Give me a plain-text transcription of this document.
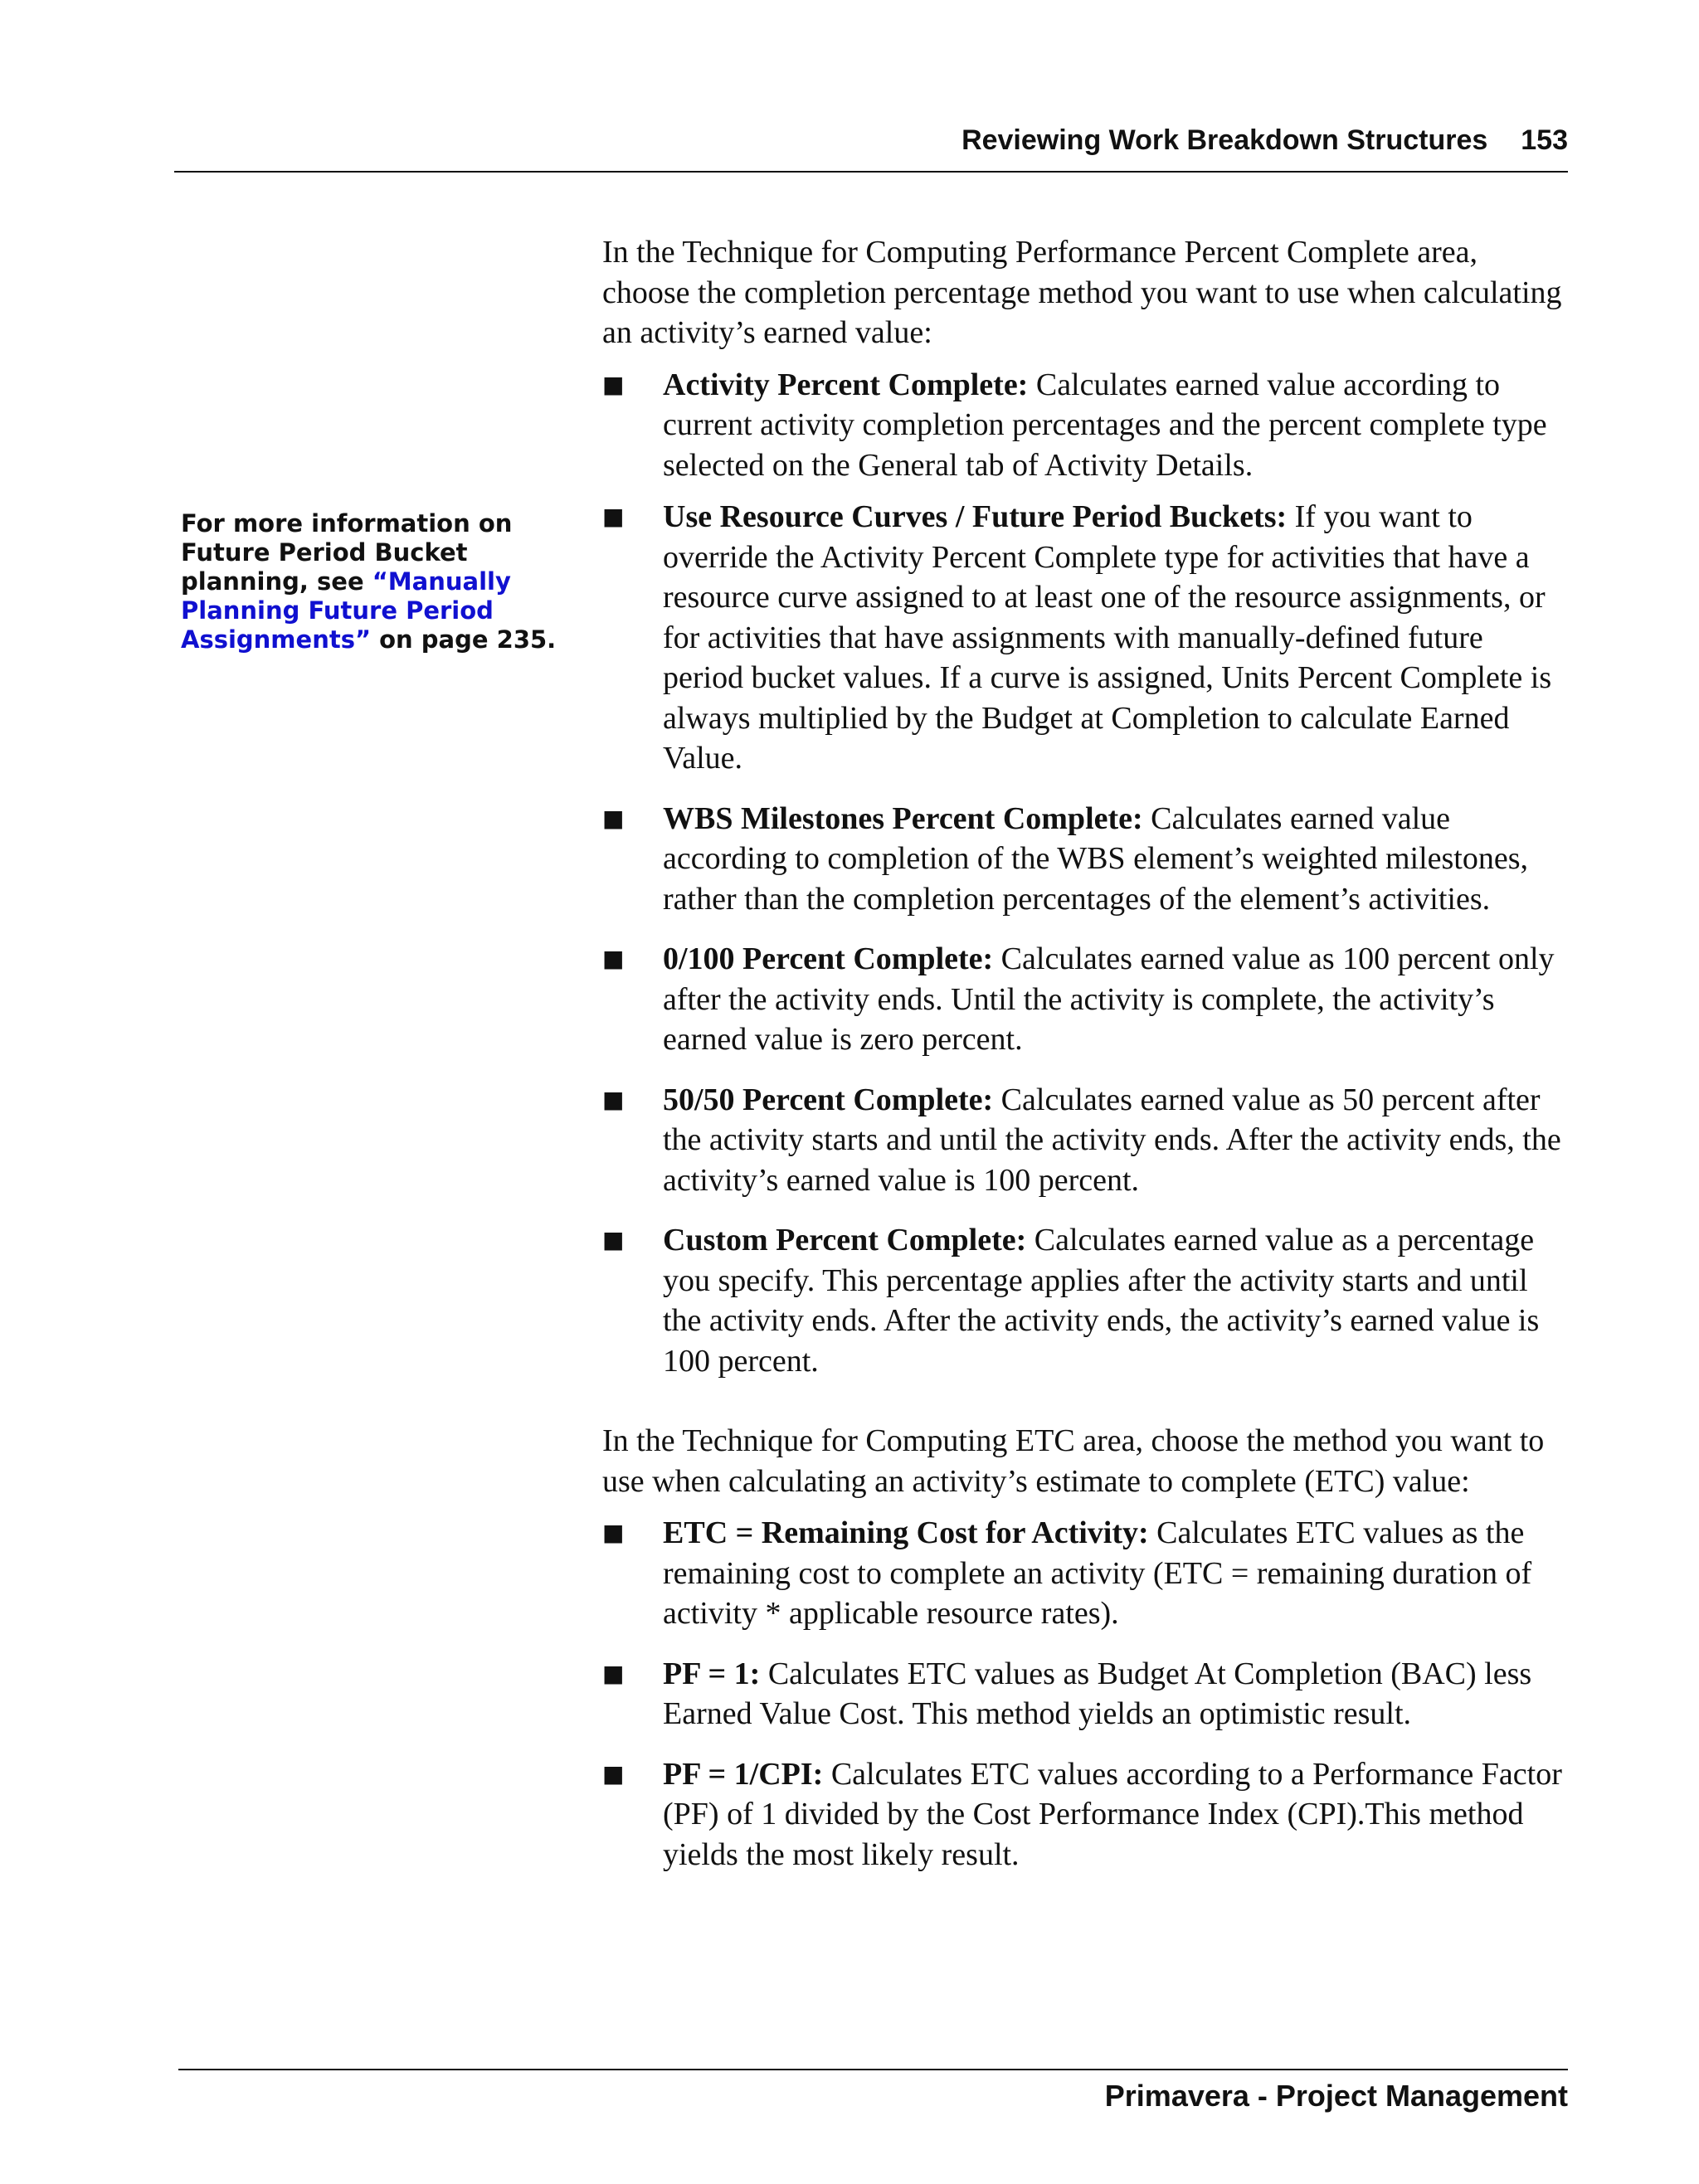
Reviewing Work Breakdown Structures 153
For more information on Future Period Bucket planning, see “Manually Planning Future Period Assignments” on page 235.

In the Technique for Computing Performance Percent Complete area, choose the completion percentage method you want to use when calculating an activity’s earned value:

■ Activity Percent Complete: Calculates earned value according to current activity completion percentages and the percent complete type selected on the General tab of Activity Details.
■ Use Resource Curves / Future Period Buckets: If you want to override the Activity Percent Complete type for activities that have a resource curve assigned to at least one of the resource assignments, or for activities that have assignments with manually-defined future period bucket values. If a curve is assigned, Units Percent Complete is always multiplied by the Budget at Completion to calculate Earned Value.
■ WBS Milestones Percent Complete: Calculates earned value according to completion of the WBS element’s weighted milestones, rather than the completion percentages of the element’s activities.
■ 0/100 Percent Complete: Calculates earned value as 100 percent only after the activity ends. Until the activity is complete, the activity’s earned value is zero percent.
■ 50/50 Percent Complete: Calculates earned value as 50 percent after the activity starts and until the activity ends. After the activity ends, the activity’s earned value is 100 percent.
■ Custom Percent Complete: Calculates earned value as a percentage you specify. This percentage applies after the activity starts and until the activity ends. After the activity ends, the activity’s earned value is 100 percent.

In the Technique for Computing ETC area, choose the method you want to use when calculating an activity’s estimate to complete (ETC) value:

■ ETC = Remaining Cost for Activity: Calculates ETC values as the remaining cost to complete an activity (ETC = remaining duration of activity * applicable resource rates).
■ PF = 1: Calculates ETC values as Budget At Completion (BAC) less Earned Value Cost. This method yields an optimistic result.
■ PF = 1/CPI: Calculates ETC values according to a Performance Factor (PF) of 1 divided by the Cost Performance Index (CPI).This method yields the most likely result.
Primavera - Project Management
